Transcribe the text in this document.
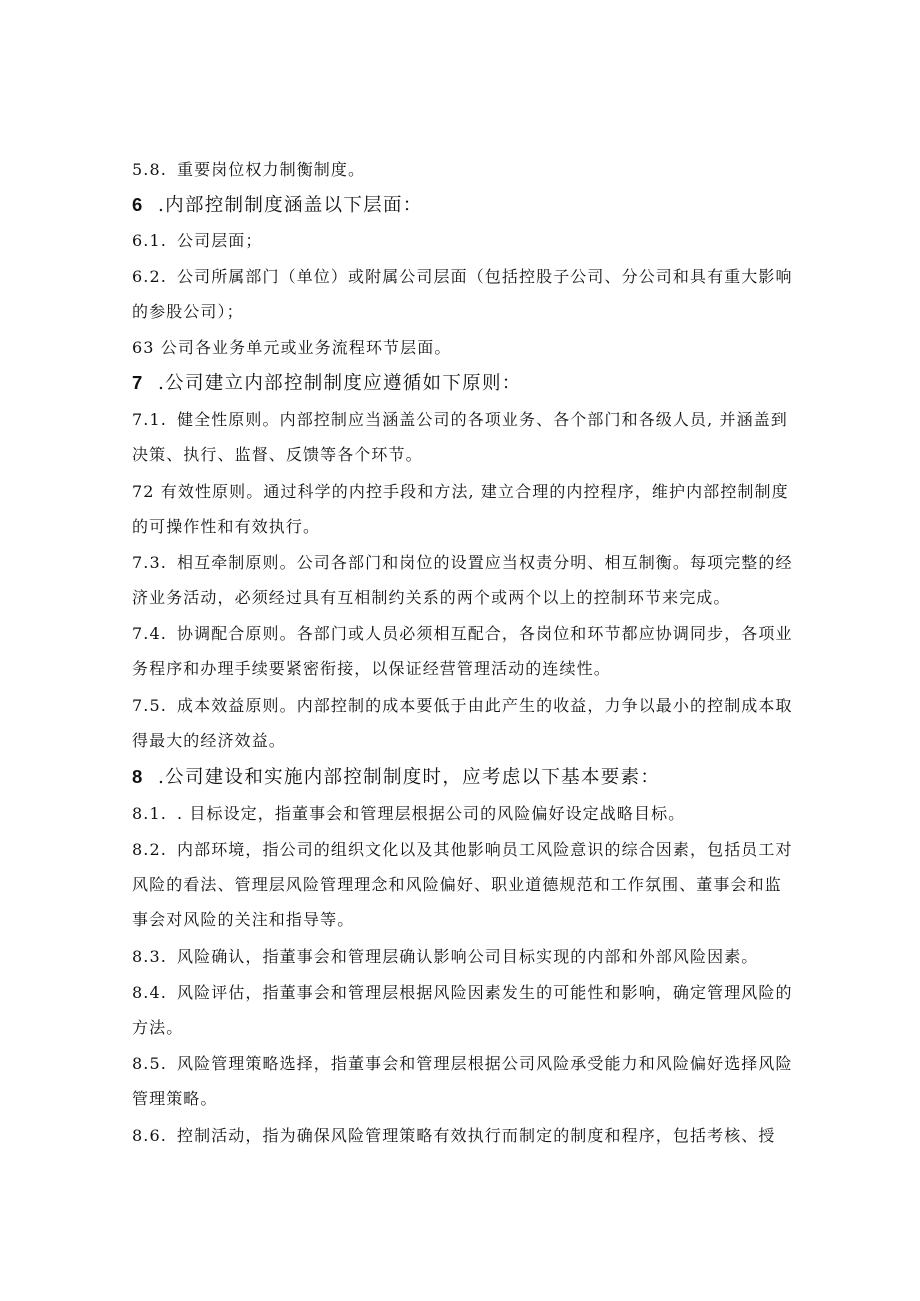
5.8. 重要岗位权力制衡制度。

6 .内部控制制度涵盖以下层面：

6.1. 公司层面；

6.2. 公司所属部门（单位）或附属公司层面（包括控股子公司、分公司和具有重大影响
的参股公司）；

63 公司各业务单元或业务流程环节层面。

7 .公司建立内部控制制度应遵循如下原则：

7.1. 健全性原则。内部控制应当涵盖公司的各项业务、各个部门和各级人员, 并涵盖到
决策、执行、监督、反馈等各个环节。

72 有效性原则。通过科学的内控手段和方法, 建立合理的内控程序，维护内部控制制度
的可操作性和有效执行。

7.3. 相互牵制原则。公司各部门和岗位的设置应当权责分明、相互制衡。每项完整的经
济业务活动，必须经过具有互相制约关系的两个或两个以上的控制环节来完成。

7.4. 协调配合原则。各部门或人员必须相互配合，各岗位和环节都应协调同步，各项业
务程序和办理手续要紧密衔接，以保证经营管理活动的连续性。

7.5. 成本效益原则。内部控制的成本要低于由此产生的收益，力争以最小的控制成本取
得最大的经济效益。

8 .公司建设和实施内部控制制度时，应考虑以下基本要素：

8.1. . 目标设定，指董事会和管理层根据公司的风险偏好设定战略目标。

8.2. 内部环境，指公司的组织文化以及其他影响员工风险意识的综合因素，包括员工对
风险的看法、管理层风险管理理念和风险偏好、职业道德规范和工作氛围、董事会和监
事会对风险的关注和指导等。

8.3. 风险确认，指董事会和管理层确认影响公司目标实现的内部和外部风险因素。

8.4. 风险评估，指董事会和管理层根据风险因素发生的可能性和影响，确定管理风险的
方法。

8.5. 风险管理策略选择，指董事会和管理层根据公司风险承受能力和风险偏好选择风险
管理策略。

8.6. 控制活动，指为确保风险管理策略有效执行而制定的制度和程序，包括考核、授
